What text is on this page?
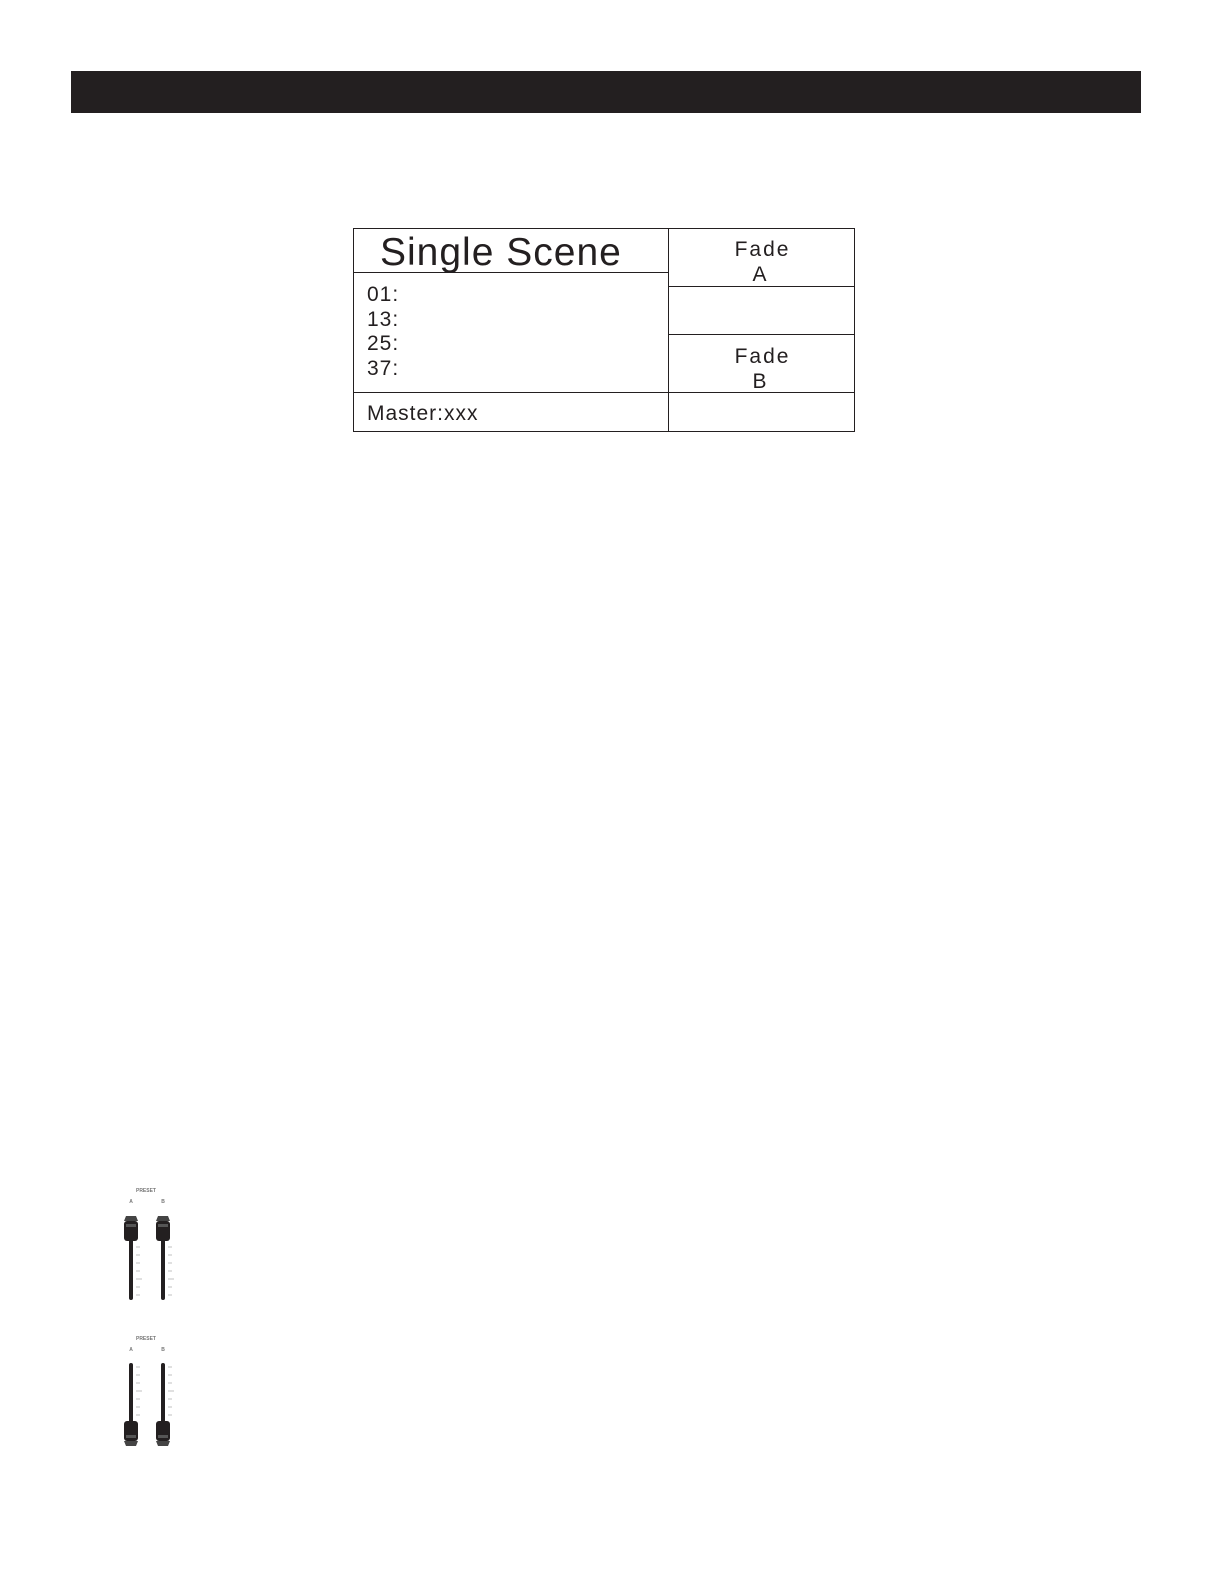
Single Scene
01:
13:
25:
37:
Master:xxx
Fade
A
Fade
B
PRESET
A	B
PRESET
A	B
